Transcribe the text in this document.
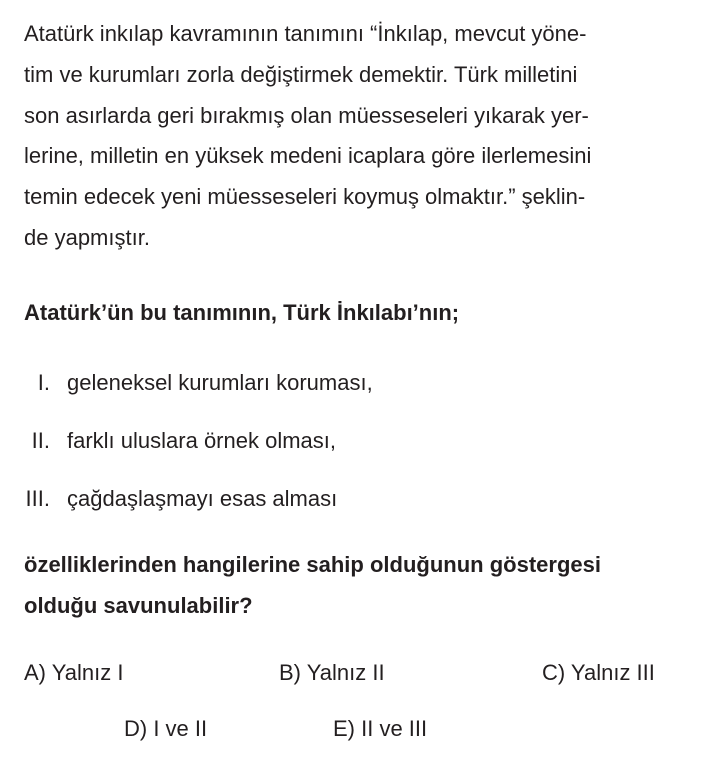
Atatürk inkılap kavramının tanımını “İnkılap, mevcut yöne-
tim ve kurumları zorla değiştirmek demektir. Türk milletini
son asırlarda geri bırakmış olan müesseseleri yıkarak yer-
lerine, milletin en yüksek medeni icaplara göre ilerlemesini
temin edecek yeni müesseseleri koymuş olmaktır.” şeklin-
de yapmıştır.
Atatürk’ün bu tanımının, Türk İnkılabı’nın;
I. geleneksel kurumları koruması,
II. farklı uluslara örnek olması,
III. çağdaşlaşmayı esas alması
özelliklerinden hangilerine sahip olduğunun göstergesi
olduğu savunulabilir?
A) Yalnız I	B) Yalnız II	C) Yalnız III
D) I ve II	E) II ve III
